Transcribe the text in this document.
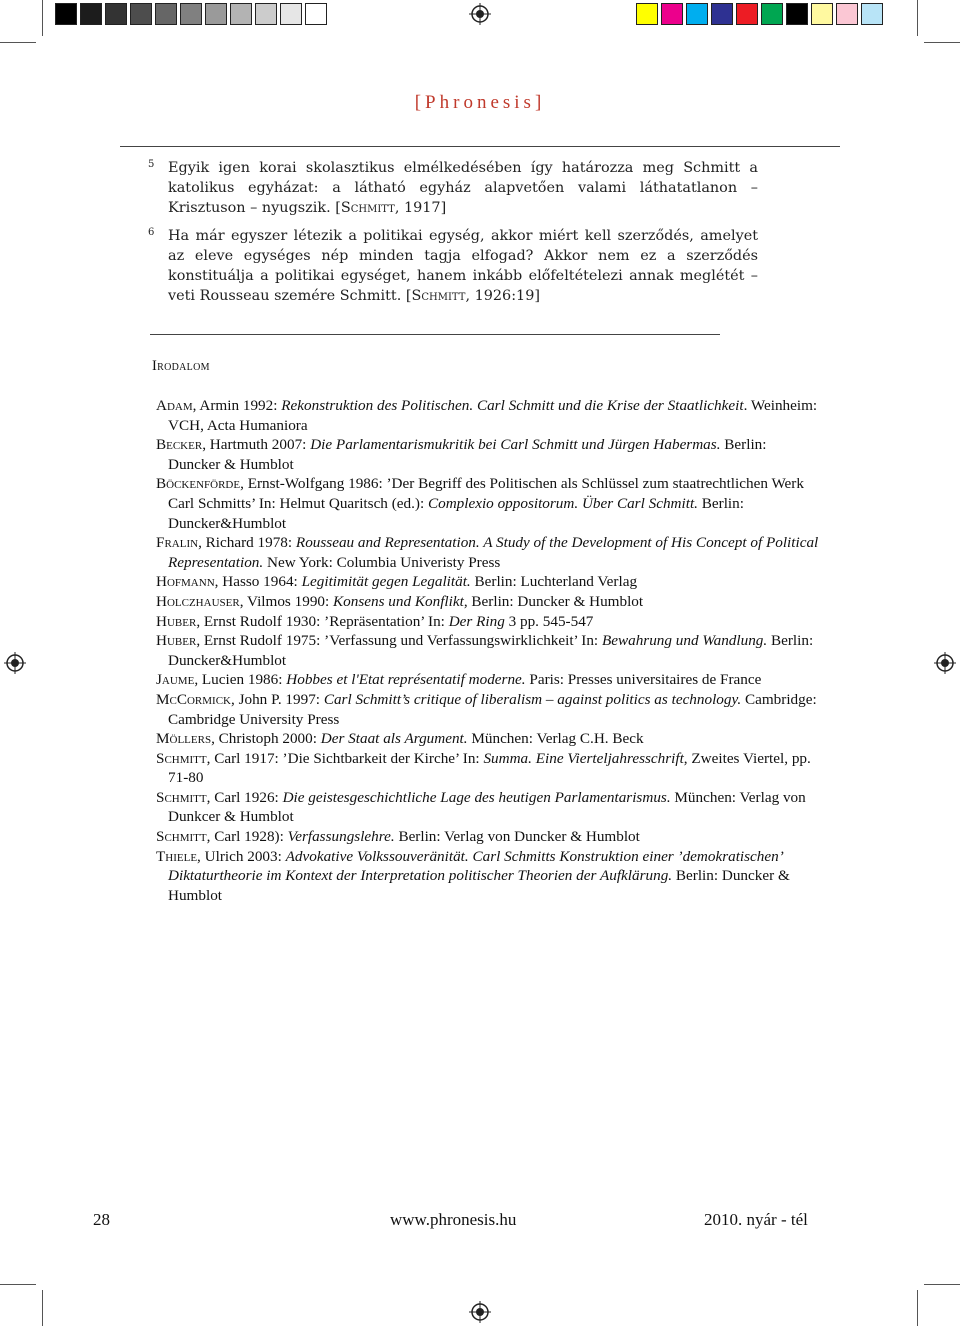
[Phronesis]
5 Egyik igen korai skolasztikus elmélkedésében így határozza meg Schmitt a katolikus egyházat: a látható egyház alapvetően valami láthatatlanon – Krisztuson – nyugszik. [Schmitt, 1917]
6 Ha már egyszer létezik a politikai egység, akkor miért kell szerződés, amelyet az eleve egységes nép minden tagja elfogad? Akkor nem ez a szerződés konstituálja a politikai egységet, hanem inkább előfeltételezi annak meglétét – veti Rousseau szemére Schmitt. [Schmitt, 1926:19]
Irodalom
Adam, Armin 1992: Rekonstruktion des Politischen. Carl Schmitt und die Krise der Staatlichkeit. Weinheim: VCH, Acta Humaniora
Becker, Hartmuth 2007: Die Parlamentarismukritik bei Carl Schmitt und Jürgen Habermas. Berlin: Duncker & Humblot
Böckenförde, Ernst-Wolfgang 1986: ’Der Begriff des Politischen als Schlüssel zum staatrechtlichen Werk Carl Schmitts’ In: Helmut Quaritsch (ed.): Complexio oppositorum. Über Carl Schmitt. Berlin: Duncker&Humblot
Fralin, Richard 1978: Rousseau and Representation. A Study of the Development of His Concept of Political Representation. New York: Columbia Univeristy Press
Hofmann, Hasso 1964: Legitimität gegen Legalität. Berlin: Luchterland Verlag
Holczhauser, Vilmos 1990: Konsens und Konflikt, Berlin: Duncker & Humblot
Huber, Ernst Rudolf 1930: ’Repräsentation’ In: Der Ring 3 pp. 545-547
Huber, Ernst Rudolf 1975: ’Verfassung und Verfassungswirklichkeit’ In: Bewahrung und Wandlung. Berlin: Duncker&Humblot
Jaume, Lucien 1986: Hobbes et l'Etat représentatif moderne. Paris: Presses universitaires de France
McCormick, John P. 1997: Carl Schmitt’s critique of liberalism – against politics as technology. Cambridge: Cambridge University Press
Möllers, Christoph 2000: Der Staat als Argument. München: Verlag C.H. Beck
Schmitt, Carl 1917: ’Die Sichtbarkeit der Kirche’ In: Summa. Eine Vierteljahresschrift, Zweites Viertel, pp. 71-80
Schmitt, Carl 1926: Die geistesgeschichtliche Lage des heutigen Parlamentarismus. München: Verlag von Dunkcer & Humblot
Schmitt, Carl 1928): Verfassungslehre. Berlin: Verlag von Duncker & Humblot
Thiele, Ulrich 2003: Advokative Volkssouveränität. Carl Schmitts Konstruktion einer ’demokratischen’ Diktaturtheorie im Kontext der Interpretation politischer Theorien der Aufklärung. Berlin: Duncker & Humblot
28	www.phronesis.hu	2010. nyár - tél
